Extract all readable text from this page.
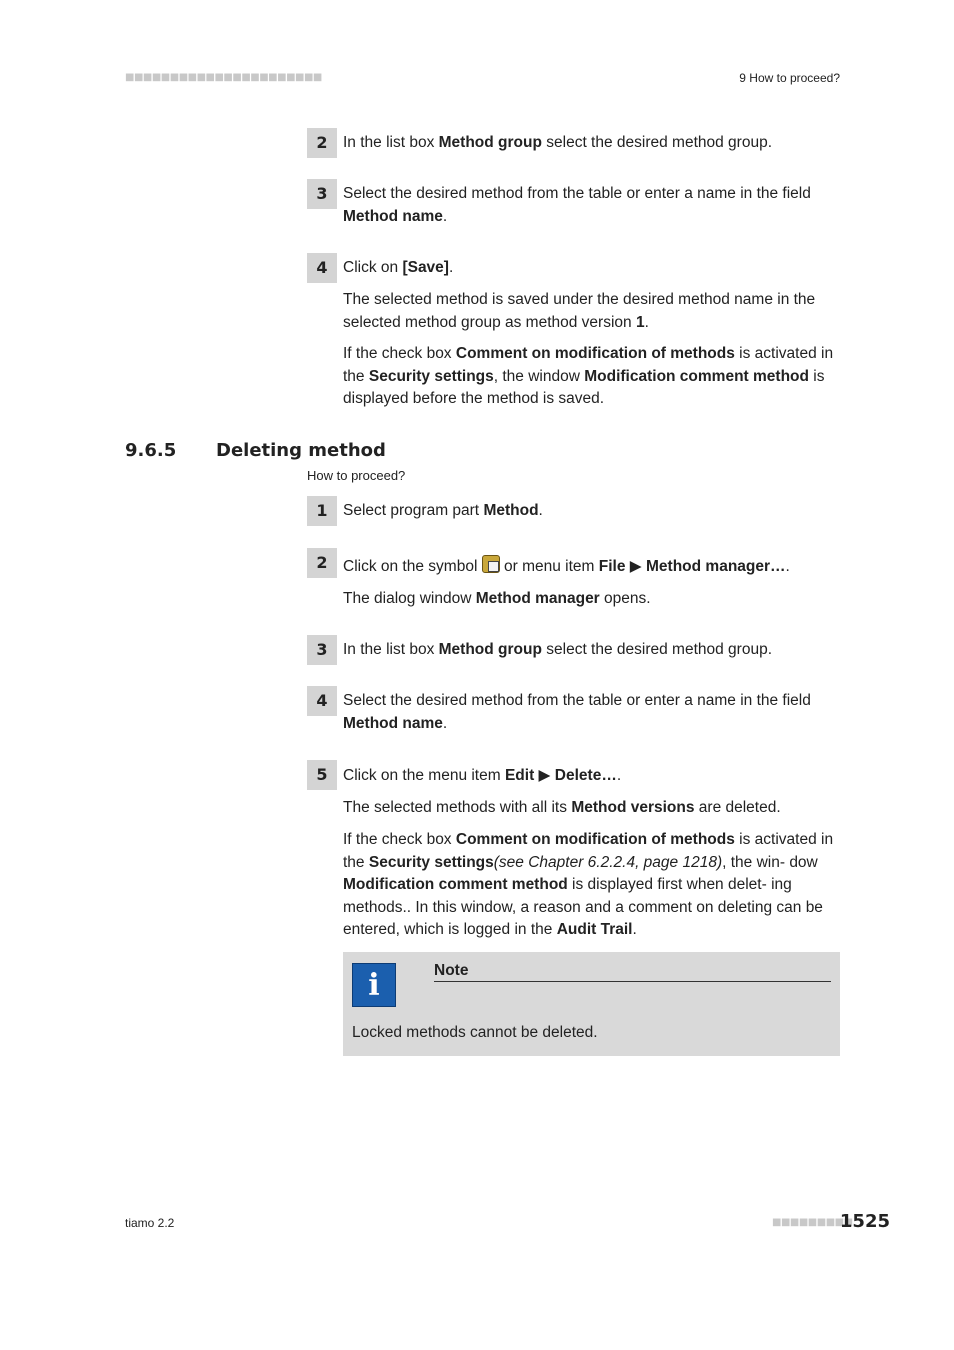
■■■■■■■■■■■■■■■■■■■■■■	9 How to proceed?
2 In the list box Method group select the desired method group.
3 Select the desired method from the table or enter a name in the field Method name.
4 Click on [Save].
The selected method is saved under the desired method name in the selected method group as method version 1.
If the check box Comment on modification of methods is activated in the Security settings, the window Modification comment method is displayed before the method is saved.
9.6.5 Deleting method
How to proceed?
1 Select program part Method.
2 Click on the symbol  or menu item File ▶ Method manager….
The dialog window Method manager opens.
3 In the list box Method group select the desired method group.
4 Select the desired method from the table or enter a name in the field Method name.
5 Click on the menu item Edit ▶ Delete….
The selected methods with all its Method versions are deleted.
If the check box Comment on modification of methods is activated in the Security settings(see Chapter 6.2.2.4, page 1218), the win- dow Modification comment method is displayed first when delet- ing methods.. In this window, a reason and a comment on deleting can be entered, which is logged in the Audit Trail.
i	Note
Locked methods cannot be deleted.
tiamo 2.2	■■■■■■■■■
1525
